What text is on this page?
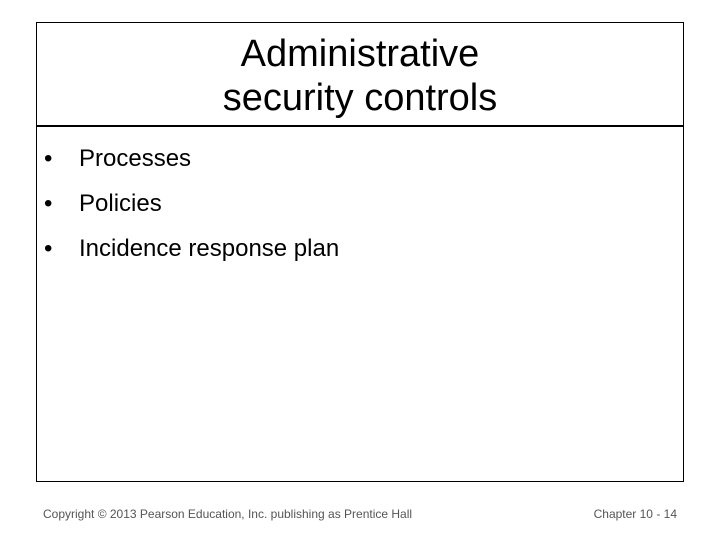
Administrative
security controls
•	Processes
•	Policies
•	Incidence response plan
Copyright © 2013 Pearson Education, Inc. publishing as Prentice Hall	Chapter 10 - 14
